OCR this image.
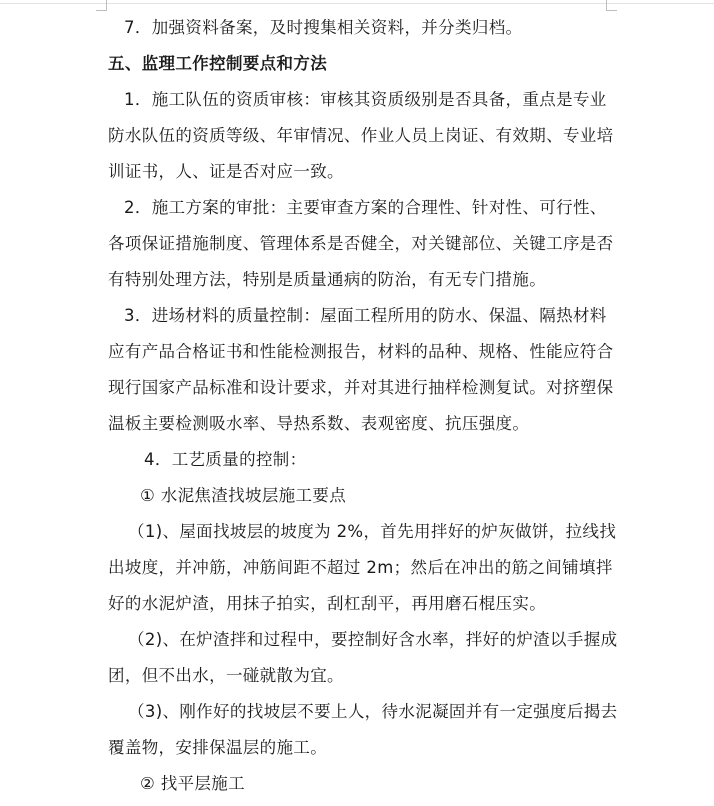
7．加强资料备案，及时搜集相关资料，并分类归档。
五、监理工作控制要点和方法
1．施工队伍的资质审核：审核其资质级别是否具备，重点是专业
防水队伍的资质等级、年审情况、作业人员上岗证、有效期、专业培
训证书，人、证是否对应一致。
2．施工方案的审批：主要审查方案的合理性、针对性、可行性、
各项保证措施制度、管理体系是否健全，对关键部位、关键工序是否
有特别处理方法，特别是质量通病的防治，有无专门措施。
3．进场材料的质量控制：屋面工程所用的防水、保温、隔热材料
应有产品合格证书和性能检测报告，材料的品种、规格、性能应符合
现行国家产品标准和设计要求，并对其进行抽样检测复试。对挤塑保
温板主要检测吸水率、导热系数、表观密度、抗压强度。
4．工艺质量的控制：
① 水泥焦渣找坡层施工要点
（1)、屋面找坡层的坡度为 2%，首先用拌好的炉灰做饼，拉线找
出坡度，并冲筋，冲筋间距不超过 2m；然后在冲出的筋之间铺填拌
好的水泥炉渣，用抹子拍实，刮杠刮平，再用磨石棍压实。
（2)、在炉渣拌和过程中，要控制好含水率，拌好的炉渣以手握成
团，但不出水，一碰就散为宜。
（3)、刚作好的找坡层不要上人，待水泥凝固并有一定强度后揭去
覆盖物，安排保温层的施工。
② 找平层施工
